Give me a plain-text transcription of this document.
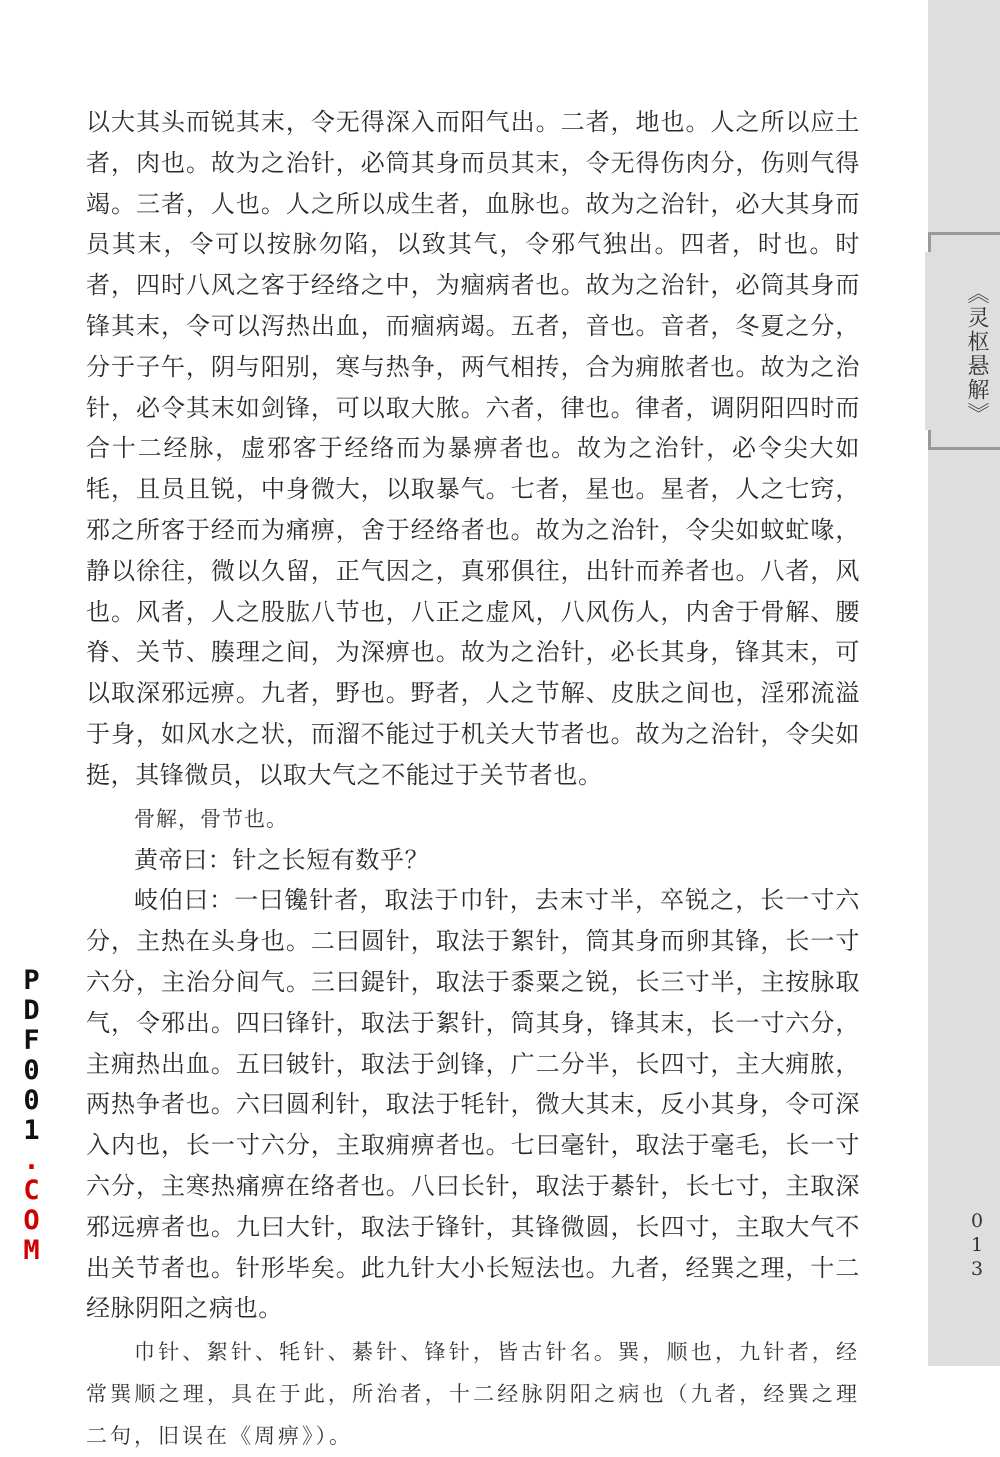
《灵枢悬解》
013
PDF001.COM

以大其头而锐其末，令无得深入而阳气出。二者，地也。人之所以应土者，肉也。故为之治针，必筒其身而员其末，令无得伤肉分，伤则气得竭。三者，人也。人之所以成生者，血脉也。故为之治针，必大其身而员其末，令可以按脉勿陷，以致其气，令邪气独出。四者，时也。时者，四时八风之客于经络之中，为痼病者也。故为之治针，必筒其身而锋其末，令可以泻热出血，而痼病竭。五者，音也。音者，冬夏之分，分于子午，阴与阳别，寒与热争，两气相抟，合为痈脓者也。故为之治针，必令其末如剑锋，可以取大脓。六者，律也。律者，调阴阳四时而合十二经脉，虚邪客于经络而为暴痹者也。故为之治针，必令尖大如牦，且员且锐，中身微大，以取暴气。七者，星也。星者，人之七窍，邪之所客于经而为痛痹，舍于经络者也。故为之治针，令尖如蚊虻喙，静以徐往，微以久留，正气因之，真邪俱往，出针而养者也。八者，风也。风者，人之股肱八节也，八正之虚风，八风伤人，内舍于骨解、腰脊、关节、腠理之间，为深痹也。故为之治针，必长其身，锋其末，可以取深邪远痹。九者，野也。野者，人之节解、皮肤之间也，淫邪流溢于身，如风水之状，而溜不能过于机关大节者也。故为之治针，令尖如挺，其锋微员，以取大气之不能过于关节者也。

骨解，骨节也。

黄帝曰：针之长短有数乎？

岐伯曰：一曰镵针者，取法于巾针，去末寸半，卒锐之，长一寸六分，主热在头身也。二曰圆针，取法于絮针，筒其身而卵其锋，长一寸六分，主治分间气。三曰鍉针，取法于黍粟之锐，长三寸半，主按脉取气，令邪出。四曰锋针，取法于絮针，筒其身，锋其末，长一寸六分，主痈热出血。五曰铍针，取法于剑锋，广二分半，长四寸，主大痈脓，两热争者也。六曰圆利针，取法于牦针，微大其末，反小其身，令可深入内也，长一寸六分，主取痈痹者也。七曰毫针，取法于毫毛，长一寸六分，主寒热痛痹在络者也。八曰长针，取法于綦针，长七寸，主取深邪远痹者也。九曰大针，取法于锋针，其锋微圆，长四寸，主取大气不出关节者也。针形毕矣。此九针大小长短法也。九者，经巽之理，十二经脉阴阳之病也。

巾针、絮针、牦针、綦针、锋针，皆古针名。巽，顺也，九针者，经常巽顺之理，具在于此，所治者，十二经脉阴阳之病也（九者，经巽之理二句，旧误在《周痹》）。
